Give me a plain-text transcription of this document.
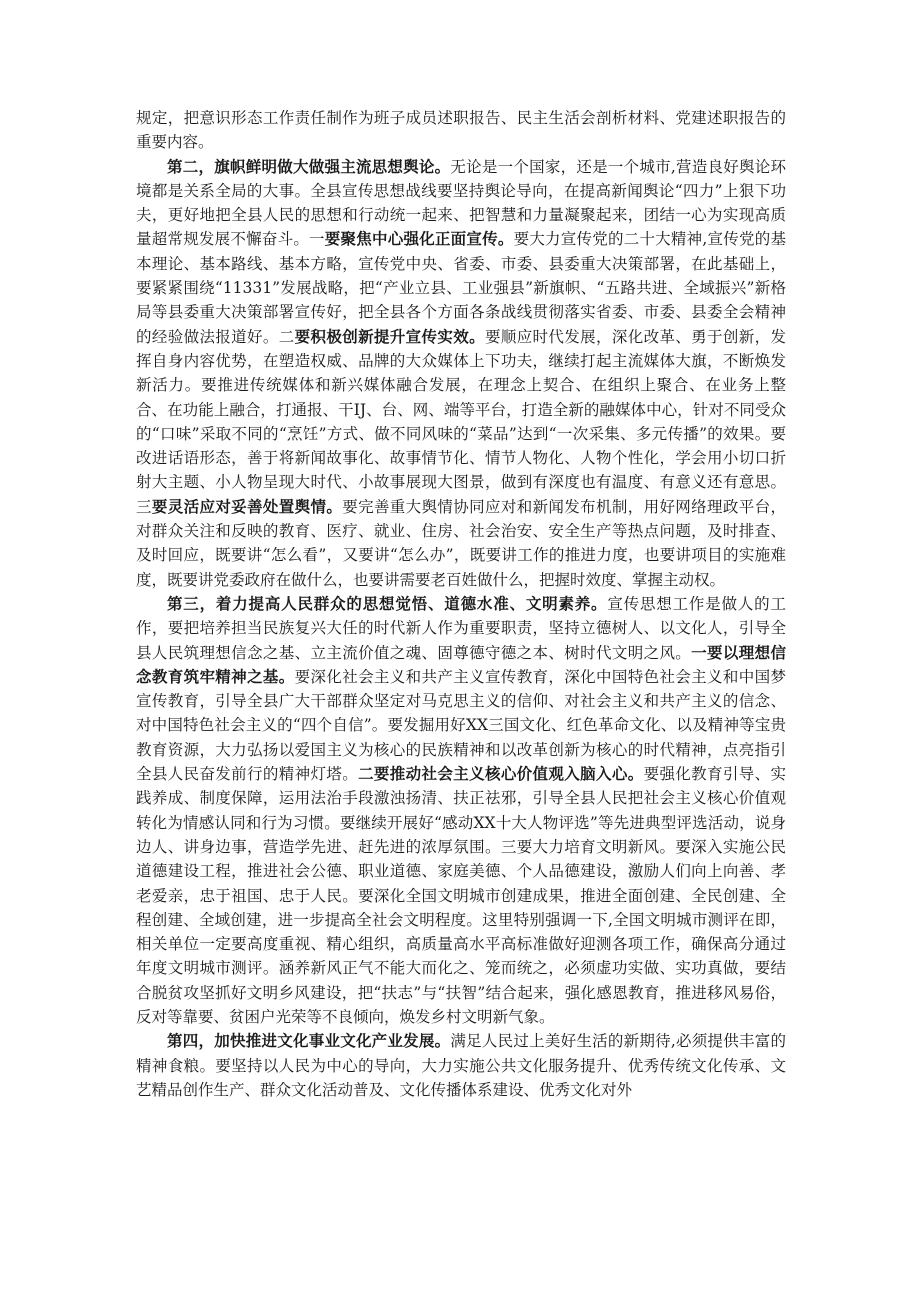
规定，把意识形态工作责任制作为班子成员述职报告、民主生活会剖析材料、党建述职报告的重要内容。

第二，旗帜鲜明做大做强主流思想舆论。无论是一个国家，还是一个城市,营造良好舆论环境都是关系全局的大事。全县宣传思想战线要坚持舆论导向，在提高新闻舆论“四力”上狠下功夫，更好地把全县人民的思想和行动统一起来、把智慧和力量凝聚起来，团结一心为实现高质量超常规发展不懈奋斗。一要聚焦中心强化正面宣传。要大力宣传党的二十大精神,宣传党的基本理论、基本路线、基本方略，宣传党中央、省委、市委、县委重大决策部署，在此基础上，要紧紧围绕“11331”发展战略，把“产业立县、工业强县”新旗帜、“五路共进、全域振兴”新格局等县委重大决策部署宣传好，把全县各个方面各条战线贯彻落实省委、市委、县委全会精神的经验做法报道好。二要积极创新提升宣传实效。要顺应时代发展，深化改革、勇于创新，发挥自身内容优势，在塑造权威、品牌的大众媒体上下功夫，继续打起主流媒体大旗，不断焕发新活力。要推进传统媒体和新兴媒体融合发展，在理念上契合、在组织上聚合、在业务上整合、在功能上融合，打通报、干IJ、台、网、端等平台，打造全新的融媒体中心，针对不同受众的“口味”采取不同的“烹饪”方式、做不同风味的“菜品”达到“一次采集、多元传播”的效果。要改进话语形态，善于将新闻故事化、故事情节化、情节人物化、人物个性化，学会用小切口折射大主题、小人物呈现大时代、小故事展现大图景，做到有深度也有温度、有意义还有意思。三要灵活应对妥善处置舆情。要完善重大舆情协同应对和新闻发布机制，用好网络理政平台，对群众关注和反映的教育、医疗、就业、住房、社会治安、安全生产等热点问题，及时排查、及时回应，既要讲“怎么看”，又要讲“怎么办”，既要讲工作的推进力度，也要讲项目的实施难度，既要讲党委政府在做什么，也要讲需要老百姓做什么，把握时效度、掌握主动权。

第三，着力提高人民群众的思想觉悟、道德水准、文明素养。宣传思想工作是做人的工作，要把培养担当民族复兴大任的时代新人作为重要职责，坚持立德树人、以文化人，引导全县人民筑理想信念之基、立主流价值之魂、固尊德守德之本、树时代文明之风。一要以理想信念教育筑牢精神之基。要深化社会主义和共产主义宣传教育，深化中国特色社会主义和中国梦宣传教育，引导全县广大干部群众坚定对马克思主义的信仰、对社会主义和共产主义的信念、对中国特色社会主义的“四个自信”。要发掘用好XX三国文化、红色革命文化、以及精神等宝贵教育资源，大力弘扬以爱国主义为核心的民族精神和以改革创新为核心的时代精神，点亮指引全县人民奋发前行的精神灯塔。二要推动社会主义核心价值观入脑入心。要强化教育引导、实践养成、制度保障，运用法治手段激浊扬清、扶正祛邪，引导全县人民把社会主义核心价值观转化为情感认同和行为习惯。要继续开展好“感动XX十大人物评选”等先进典型评选活动，说身边人、讲身边事，营造学先进、赶先进的浓厚氛围。三要大力培育文明新风。要深入实施公民道德建设工程，推进社会公德、职业道德、家庭美德、个人品德建设，激励人们向上向善、孝老爱亲，忠于祖国、忠于人民。要深化全国文明城市创建成果，推进全面创建、全民创建、全程创建、全域创建，进一步提高全社会文明程度。这里特别强调一下,全国文明城市测评在即，相关单位一定要高度重视、精心组织，高质量高水平高标准做好迎测各项工作，确保高分通过年度文明城市测评。涵养新风正气不能大而化之、笼而统之，必须虚功实做、实功真做，要结合脱贫攻坚抓好文明乡风建设，把“扶志”与“扶智”结合起来，强化感恩教育，推进移风易俗，反对等靠要、贫困户光荣等不良倾向，焕发乡村文明新气象。

第四，加快推进文化事业文化产业发展。满足人民过上美好生活的新期待,必须提供丰富的精神食粮。要坚持以人民为中心的导向，大力实施公共文化服务提升、优秀传统文化传承、文艺精品创作生产、群众文化活动普及、文化传播体系建设、优秀文化对外
